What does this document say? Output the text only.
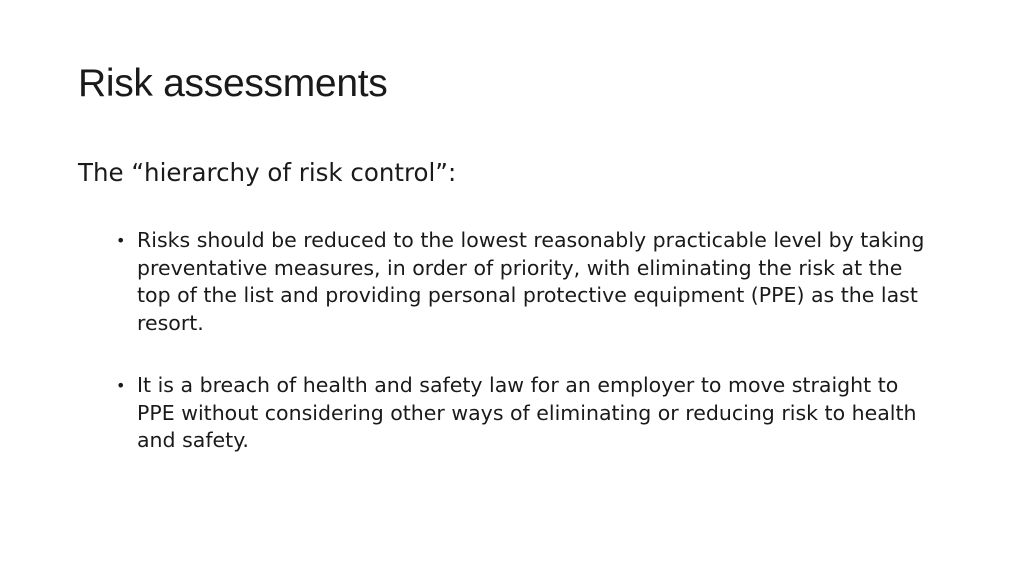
Risk assessments

The “hierarchy of risk control”:

• Risks should be reduced to the lowest reasonably practicable level by taking preventative measures, in order of priority, with eliminating the risk at the top of the list and providing personal protective equipment (PPE) as the last resort.
• It is a breach of health and safety law for an employer to move straight to PPE without considering other ways of eliminating or reducing risk to health and safety.
